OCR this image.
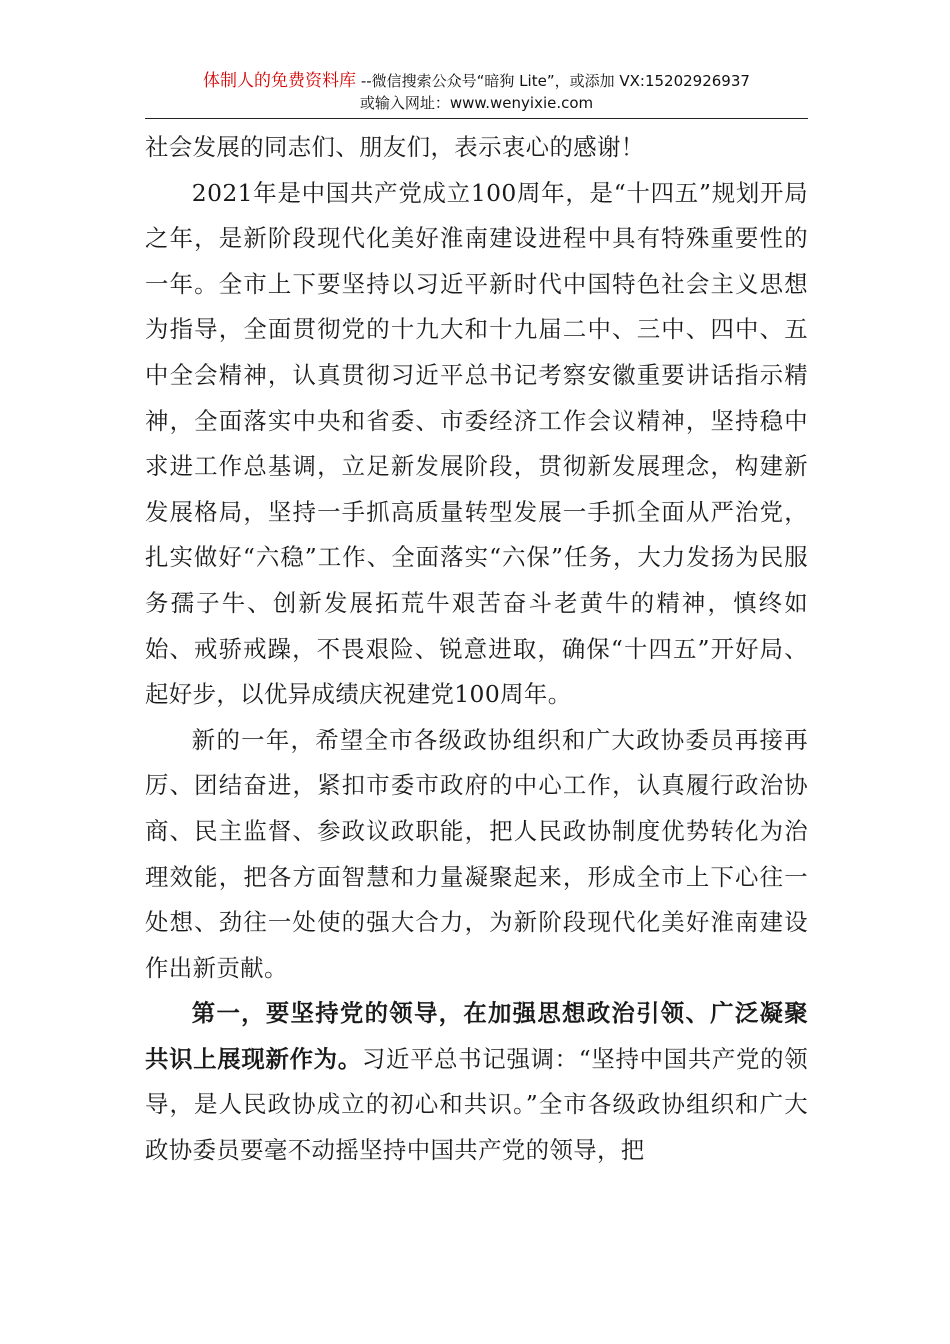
体制人的免费资料库 --微信搜索公众号“暗狗 Lite”，或添加 VX:15202926937
或输入网址：www.wenyixie.com

社会发展的同志们、朋友们，表示衷心的感谢！

2021年是中国共产党成立100周年，是“十四五”规划开局之年，是新阶段现代化美好淮南建设进程中具有特殊重要性的一年。全市上下要坚持以习近平新时代中国特色社会主义思想为指导，全面贯彻党的十九大和十九届二中、三中、四中、五中全会精神，认真贯彻习近平总书记考察安徽重要讲话指示精神，全面落实中央和省委、市委经济工作会议精神，坚持稳中求进工作总基调，立足新发展阶段，贯彻新发展理念，构建新发展格局，坚持一手抓高质量转型发展一手抓全面从严治党，扎实做好“六稳”工作、全面落实“六保”任务，大力发扬为民服务孺子牛、创新发展拓荒牛艰苦奋斗老黄牛的精神，慎终如始、戒骄戒躁，不畏艰险、锐意进取，确保“十四五”开好局、起好步，以优异成绩庆祝建党100周年。

新的一年，希望全市各级政协组织和广大政协委员再接再厉、团结奋进，紧扣市委市政府的中心工作，认真履行政治协商、民主监督、参政议政职能，把人民政协制度优势转化为治理效能，把各方面智慧和力量凝聚起来，形成全市上下心往一处想、劲往一处使的强大合力，为新阶段现代化美好淮南建设作出新贡献。

第一，要坚持党的领导，在加强思想政治引领、广泛凝聚共识上展现新作为。习近平总书记强调：“坚持中国共产党的领导，是人民政协成立的初心和共识。”全市各级政协组织和广大政协委员要毫不动摇坚持中国共产党的领导，把
